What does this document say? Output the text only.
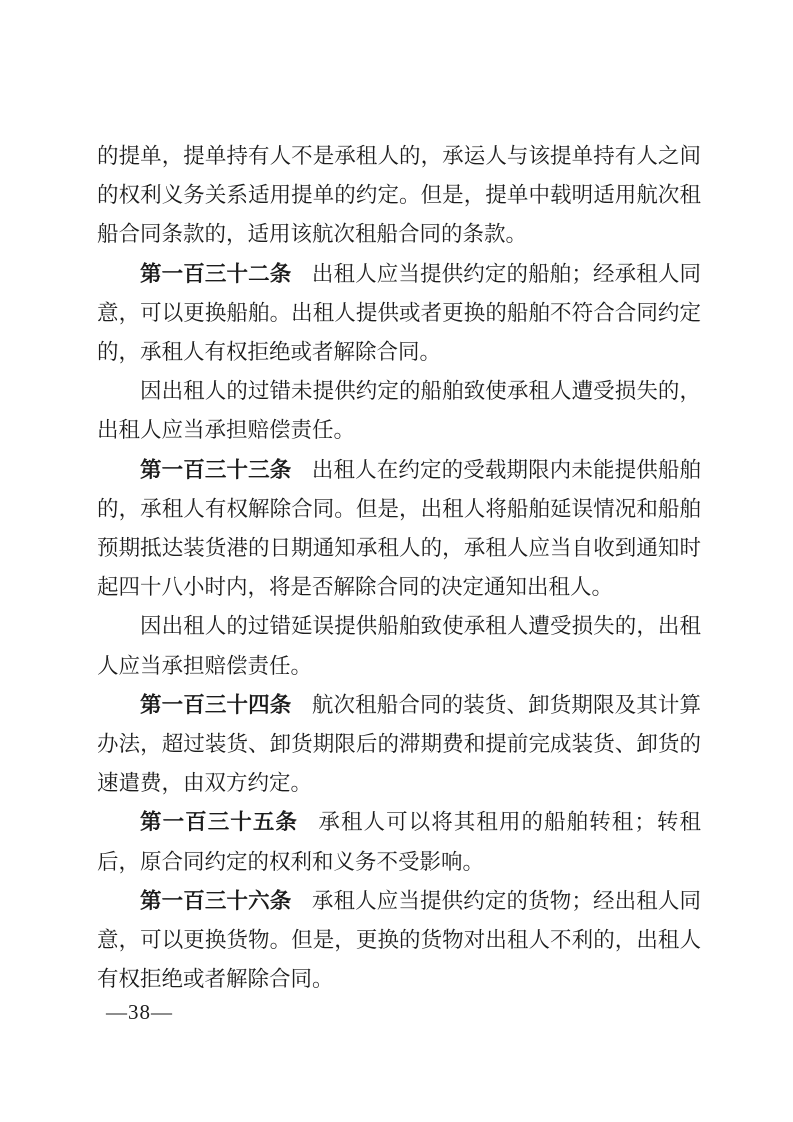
的提单，提单持有人不是承租人的，承运人与该提单持有人之间的权利义务关系适用提单的约定。但是，提单中载明适用航次租船合同条款的，适用该航次租船合同的条款。

第一百三十二条 出租人应当提供约定的船舶；经承租人同意，可以更换船舶。出租人提供或者更换的船舶不符合合同约定的，承租人有权拒绝或者解除合同。

因出租人的过错未提供约定的船舶致使承租人遭受损失的，出租人应当承担赔偿责任。

第一百三十三条 出租人在约定的受载期限内未能提供船舶的，承租人有权解除合同。但是，出租人将船舶延误情况和船舶预期抵达装货港的日期通知承租人的，承租人应当自收到通知时起四十八小时内，将是否解除合同的决定通知出租人。

因出租人的过错延误提供船舶致使承租人遭受损失的，出租人应当承担赔偿责任。

第一百三十四条 航次租船合同的装货、卸货期限及其计算办法，超过装货、卸货期限后的滞期费和提前完成装货、卸货的速遣费，由双方约定。

第一百三十五条 承租人可以将其租用的船舶转租；转租后，原合同约定的权利和义务不受影响。

第一百三十六条 承租人应当提供约定的货物；经出租人同意，可以更换货物。但是，更换的货物对出租人不利的，出租人有权拒绝或者解除合同。

—38—
